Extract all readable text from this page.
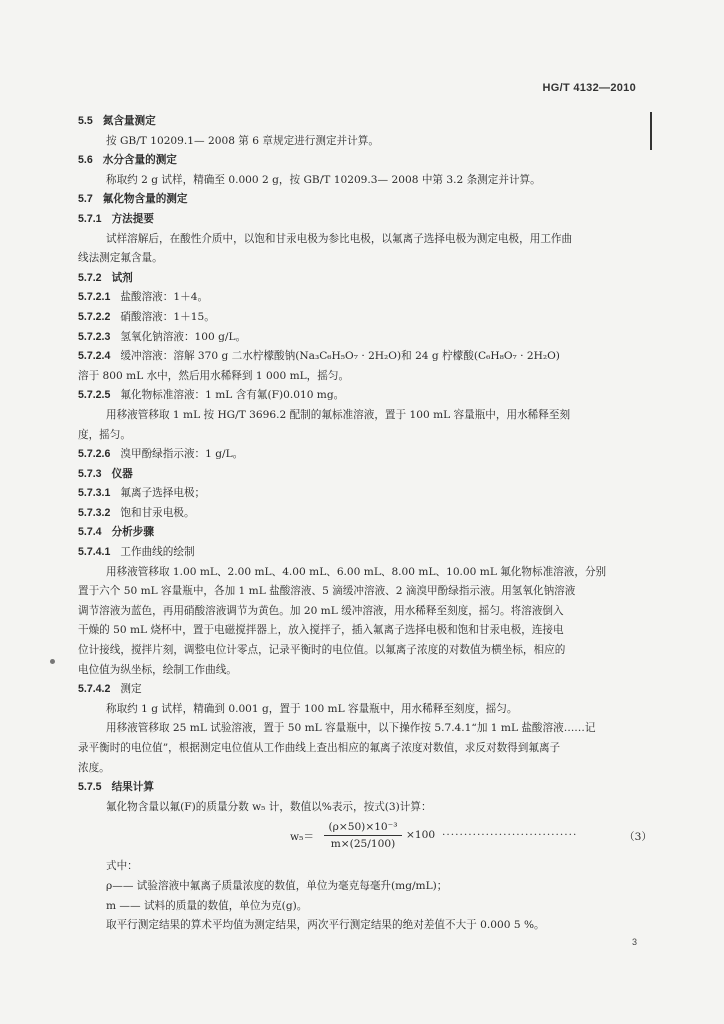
HG/T 4132—2010
5.5 氮含量测定
按 GB/T 10209.1— 2008 第 6 章规定进行测定并计算。
5.6 水分含量的测定
称取约 2 g 试样，精确至 0.000 2 g，按 GB/T 10209.3— 2008 中第 3.2 条测定并计算。
5.7 氟化物含量的测定
5.7.1 方法提要
试样溶解后，在酸性介质中，以饱和甘汞电极为参比电极，以氟离子选择电极为测定电极，用工作曲
线法测定氟含量。
5.7.2 试剂
5.7.2.1 盐酸溶液：1＋4。
5.7.2.2 硝酸溶液：1＋15。
5.7.2.3 氢氧化钠溶液：100 g/L。
5.7.2.4 缓冲溶液：溶解 370 g 二水柠檬酸钠(Na₃C₆H₅O₇ · 2H₂O)和 24 g 柠檬酸(C₆H₈O₇ · 2H₂O)
溶于 800 mL 水中，然后用水稀释到 1 000 mL，摇匀。
5.7.2.5 氟化物标准溶液：1 mL 含有氟(F)0.010 mg。
用移液管移取 1 mL 按 HG/T 3696.2 配制的氟标准溶液，置于 100 mL 容量瓶中，用水稀释至刻
度，摇匀。
5.7.2.6 溴甲酚绿指示液：1 g/L。
5.7.3 仪器
5.7.3.1 氟离子选择电极；
5.7.3.2 饱和甘汞电极。
5.7.4 分析步骤
5.7.4.1 工作曲线的绘制
用移液管移取 1.00 mL、2.00 mL、4.00 mL、6.00 mL、8.00 mL、10.00 mL 氟化物标准溶液，分别
置于六个 50 mL 容量瓶中，各加 1 mL 盐酸溶液、5 滴缓冲溶液、2 滴溴甲酚绿指示液。用氢氧化钠溶液
调节溶液为蓝色，再用硝酸溶液调节为黄色。加 20 mL 缓冲溶液，用水稀释至刻度，摇匀。将溶液倒入
干燥的 50 mL 烧杯中，置于电磁搅拌器上，放入搅拌子，插入氟离子选择电极和饱和甘汞电极，连接电
位计接线，搅拌片刻，调整电位计零点，记录平衡时的电位值。以氟离子浓度的对数值为横坐标，相应的
电位值为纵坐标，绘制工作曲线。
5.7.4.2 测定
称取约 1 g 试样，精确到 0.001 g，置于 100 mL 容量瓶中，用水稀释至刻度，摇匀。
用移液管移取 25 mL 试验溶液，置于 50 mL 容量瓶中，以下操作按 5.7.4.1“加 1 mL 盐酸溶液……记
录平衡时的电位值”，根据测定电位值从工作曲线上查出相应的氟离子浓度对数值，求反对数得到氟离子
浓度。
5.7.5 结果计算
氟化物含量以氟(F)的质量分数 w₅ 计，数值以%表示，按式(3)计算：
$w_5= \frac{\text{(ρ×50)×10⁻³}}{m\times(25/100)} \times 100$ ·······························	（3）
式中：
ρ—— 试验溶液中氟离子质量浓度的数值，单位为毫克每毫升(mg/mL)；
m —— 试料的质量的数值，单位为克(g)。
取平行测定结果的算术平均值为测定结果，两次平行测定结果的绝对差值不大于 0.000 5 %。
3
